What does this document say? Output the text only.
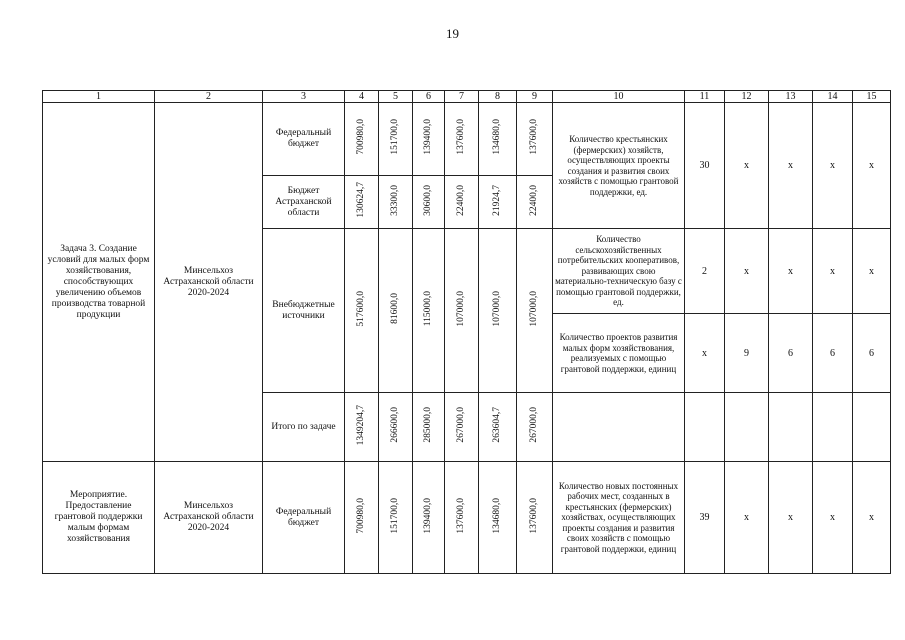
19
1	2	3	4	5	6	7	8	9	10	11	12	13	14	15
Задача 3. Создание условий для малых форм хозяйствования, способствующих увеличению объемов производства товарной продукции	Минсельхоз Астраханской области 2020-2024	Федеральный бюджет	700980,0	151700,0	139400,0	137600,0	134680,0	137600,0	Количество крестьянских (фермерских) хозяйств, осуществляющих проекты создания и развития своих хозяйств с помощью грантовой поддержки, ед.	30	x	x	x	x
		Бюджет Астраханской области	130624,7	33300,0	30600,0	22400,0	21924,7	22400,0						
		Внебюджетные источники	517600,0	81600,0	115000,0	107000,0	107000,0	107000,0	Количество сельскохозяйственных потребительских кооперативов, развивающих свою материально-техническую базу с помощью грантовой поддержки, ед.	2	x	x	x	x
									Количество проектов развития малых форм хозяйствования, реализуемых с помощью грантовой поддержки, единиц	x	9	6	6	6
		Итого по задаче	1349204,7	266600,0	285000,0	267000,0	263604,7	267000,0						
Мероприятие. Предоставление грантовой поддержки малым формам хозяйствования	Минсельхоз Астраханской области 2020-2024	Федеральный бюджет	700980,0	151700,0	139400,0	137600,0	134680,0	137600,0	Количество новых постоянных рабочих мест, созданных в крестьянских (фермерских) хозяйствах, осуществляющих проекты создания и развития своих хозяйств с помощью грантовой поддержки, единиц	39	x	x	x	x
